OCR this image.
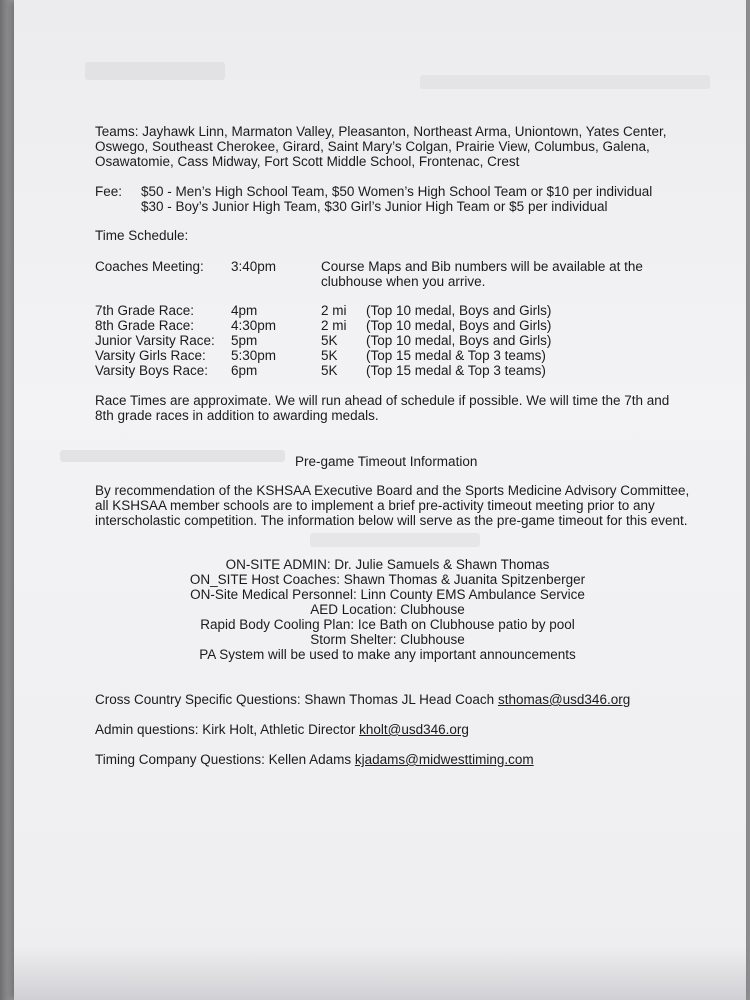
Teams: Jayhawk Linn, Marmaton Valley, Pleasanton, Northeast Arma, Uniontown, Yates Center, Oswego, Southeast Cherokee, Girard, Saint Mary’s Colgan, Prairie View, Columbus, Galena, Osawatomie, Cass Midway, Fort Scott Middle School, Frontenac, Crest
Fee: $50 - Men’s High School Team, $50 Women’s High School Team or $10 per individual
$30 - Boy’s Junior High Team, $30 Girl’s Junior High Team or $5 per individual
Time Schedule:
Coaches Meeting: 3:40pm	Course Maps and Bib numbers will be available at the clubhouse when you arrive.
7th Grade Race:	4pm	2 mi (Top 10 medal, Boys and Girls)
8th Grade Race:	4:30pm	2 mi (Top 10 medal, Boys and Girls)
Junior Varsity Race: 5pm	5K (Top 10 medal, Boys and Girls)
Varsity Girls Race: 5:30pm	5K (Top 15 medal & Top 3 teams)
Varsity Boys Race: 6pm	5K (Top 15 medal & Top 3 teams)
Race Times are approximate. We will run ahead of schedule if possible. We will time the 7th and 8th grade races in addition to awarding medals.
Pre-game Timeout Information
By recommendation of the KSHSAA Executive Board and the Sports Medicine Advisory Committee, all KSHSAA member schools are to implement a brief pre-activity timeout meeting prior to any interscholastic competition. The information below will serve as the pre-game timeout for this event.
ON-SITE ADMIN: Dr. Julie Samuels & Shawn Thomas
ON_SITE Host Coaches: Shawn Thomas & Juanita Spitzenberger
ON-Site Medical Personnel: Linn County EMS Ambulance Service
AED Location: Clubhouse
Rapid Body Cooling Plan: Ice Bath on Clubhouse patio by pool
Storm Shelter: Clubhouse
PA System will be used to make any important announcements
Cross Country Specific Questions: Shawn Thomas JL Head Coach sthomas@usd346.org
Admin questions: Kirk Holt, Athletic Director kholt@usd346.org
Timing Company Questions: Kellen Adams kjadams@midwesttiming.com
